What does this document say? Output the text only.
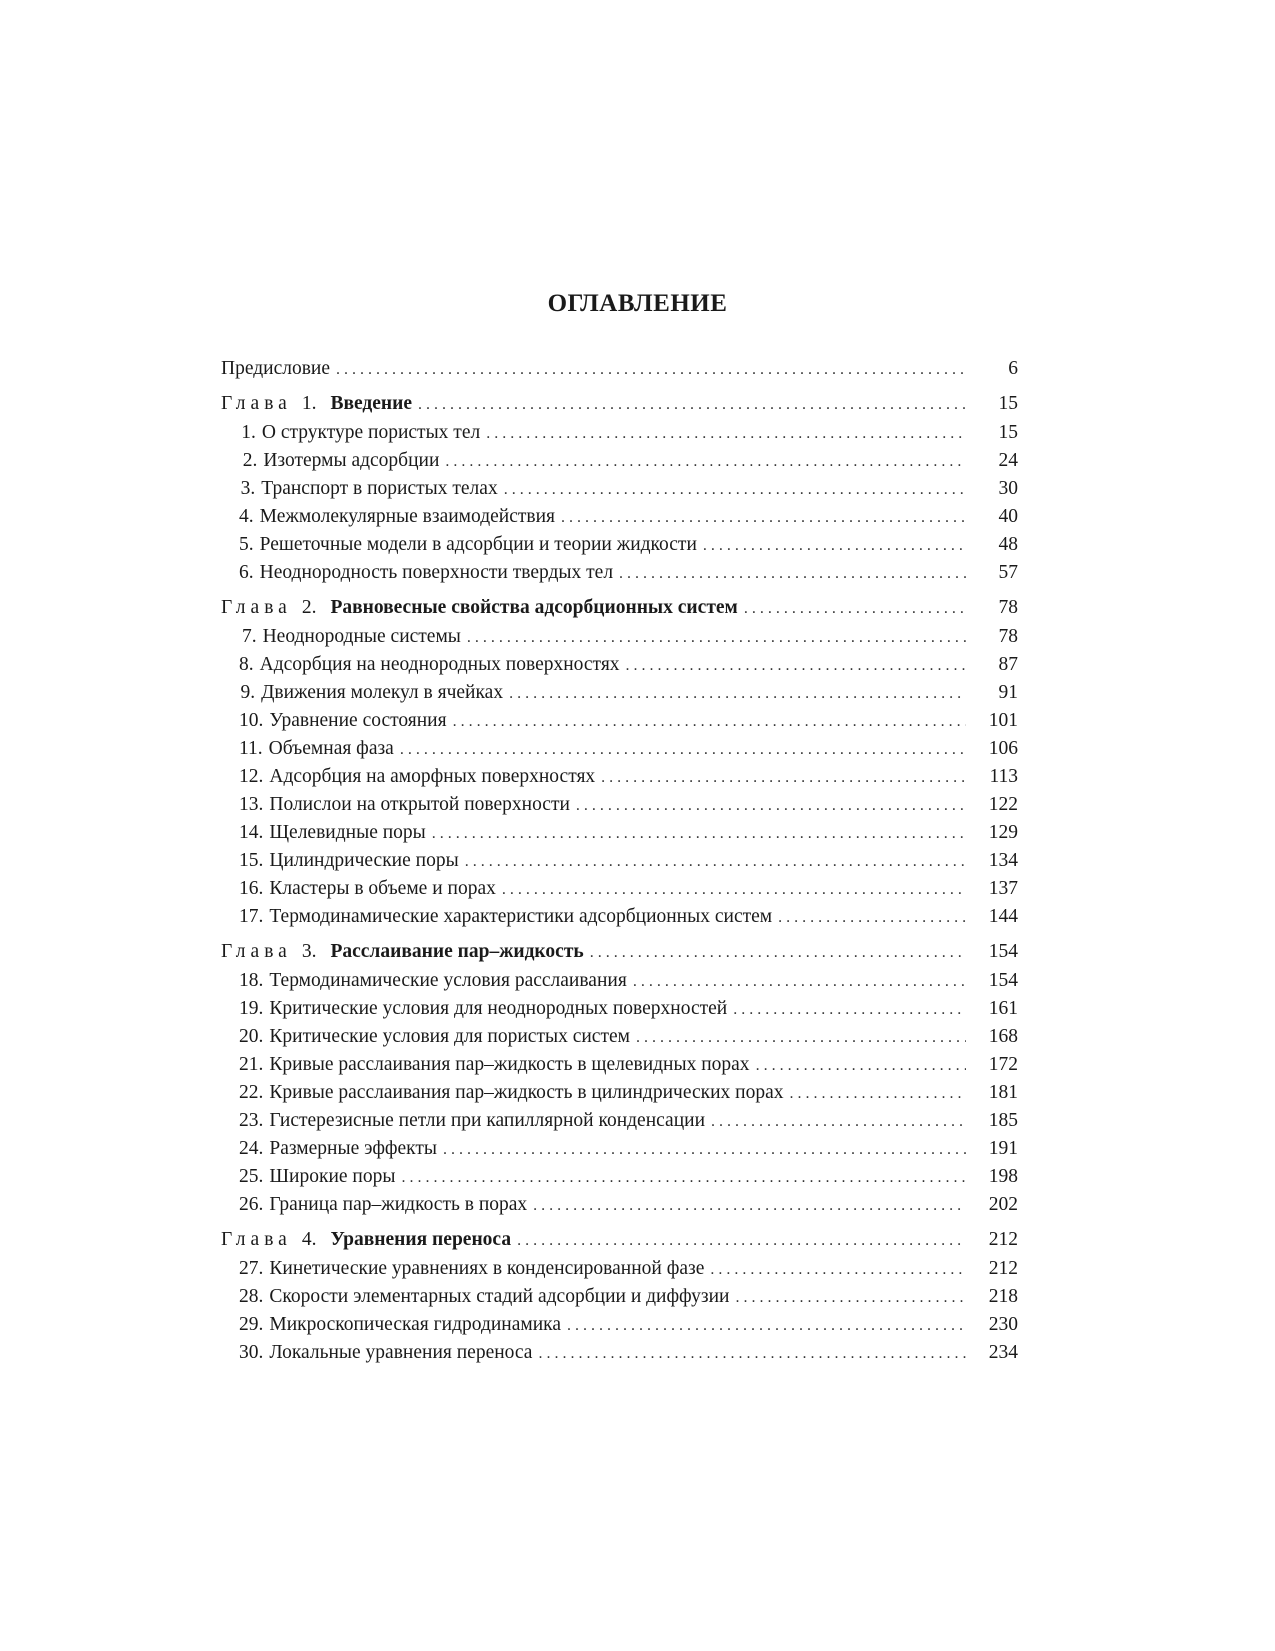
ОГЛАВЛЕНИЕ
Предисловие . . .	6
Глава 1. Введение . . .	15
1. О структуре пористых тел . . .	15
2. Изотермы адсорбции . . .	24
3. Транспорт в пористых телах . . .	30
4. Межмолекулярные взаимодействия . . .	40
5. Решеточные модели в адсорбции и теории жидкости . . .	48
6. Неоднородность поверхности твердых тел . . .	57
Глава 2. Равновесные свойства адсорбционных систем . . .	78
7. Неоднородные системы . . .	78
8. Адсорбция на неоднородных поверхностях . . .	87
9. Движения молекул в ячейках . . .	91
10. Уравнение состояния . . .	101
11. Объемная фаза . . .	106
12. Адсорбция на аморфных поверхностях . . .	113
13. Полислои на открытой поверхности . . .	122
14. Щелевидные поры . . .	129
15. Цилиндрические поры . . .	134
16. Кластеры в объеме и порах . . .	137
17. Термодинамические характеристики адсорбционных систем . . .	144
Глава 3. Расслаивание пар–жидкость . . .	154
18. Термодинамические условия расслаивания . . .	154
19. Критические условия для неоднородных поверхностей . . .	161
20. Критические условия для пористых систем . . .	168
21. Кривые расслаивания пар–жидкость в щелевидных порах . . .	172
22. Кривые расслаивания пар–жидкость в цилиндрических порах . . .	181
23. Гистерезисные петли при капиллярной конденсации . . .	185
24. Размерные эффекты . . .	191
25. Широкие поры . . .	198
26. Граница пар–жидкость в порах . . .	202
Глава 4. Уравнения переноса . . .	212
27. Кинетические уравнениях в конденсированной фазе . . .	212
28. Скорости элементарных стадий адсорбции и диффузии . . .	218
29. Микроскопическая гидродинамика . . .	230
30. Локальные уравнения переноса . . .	234
